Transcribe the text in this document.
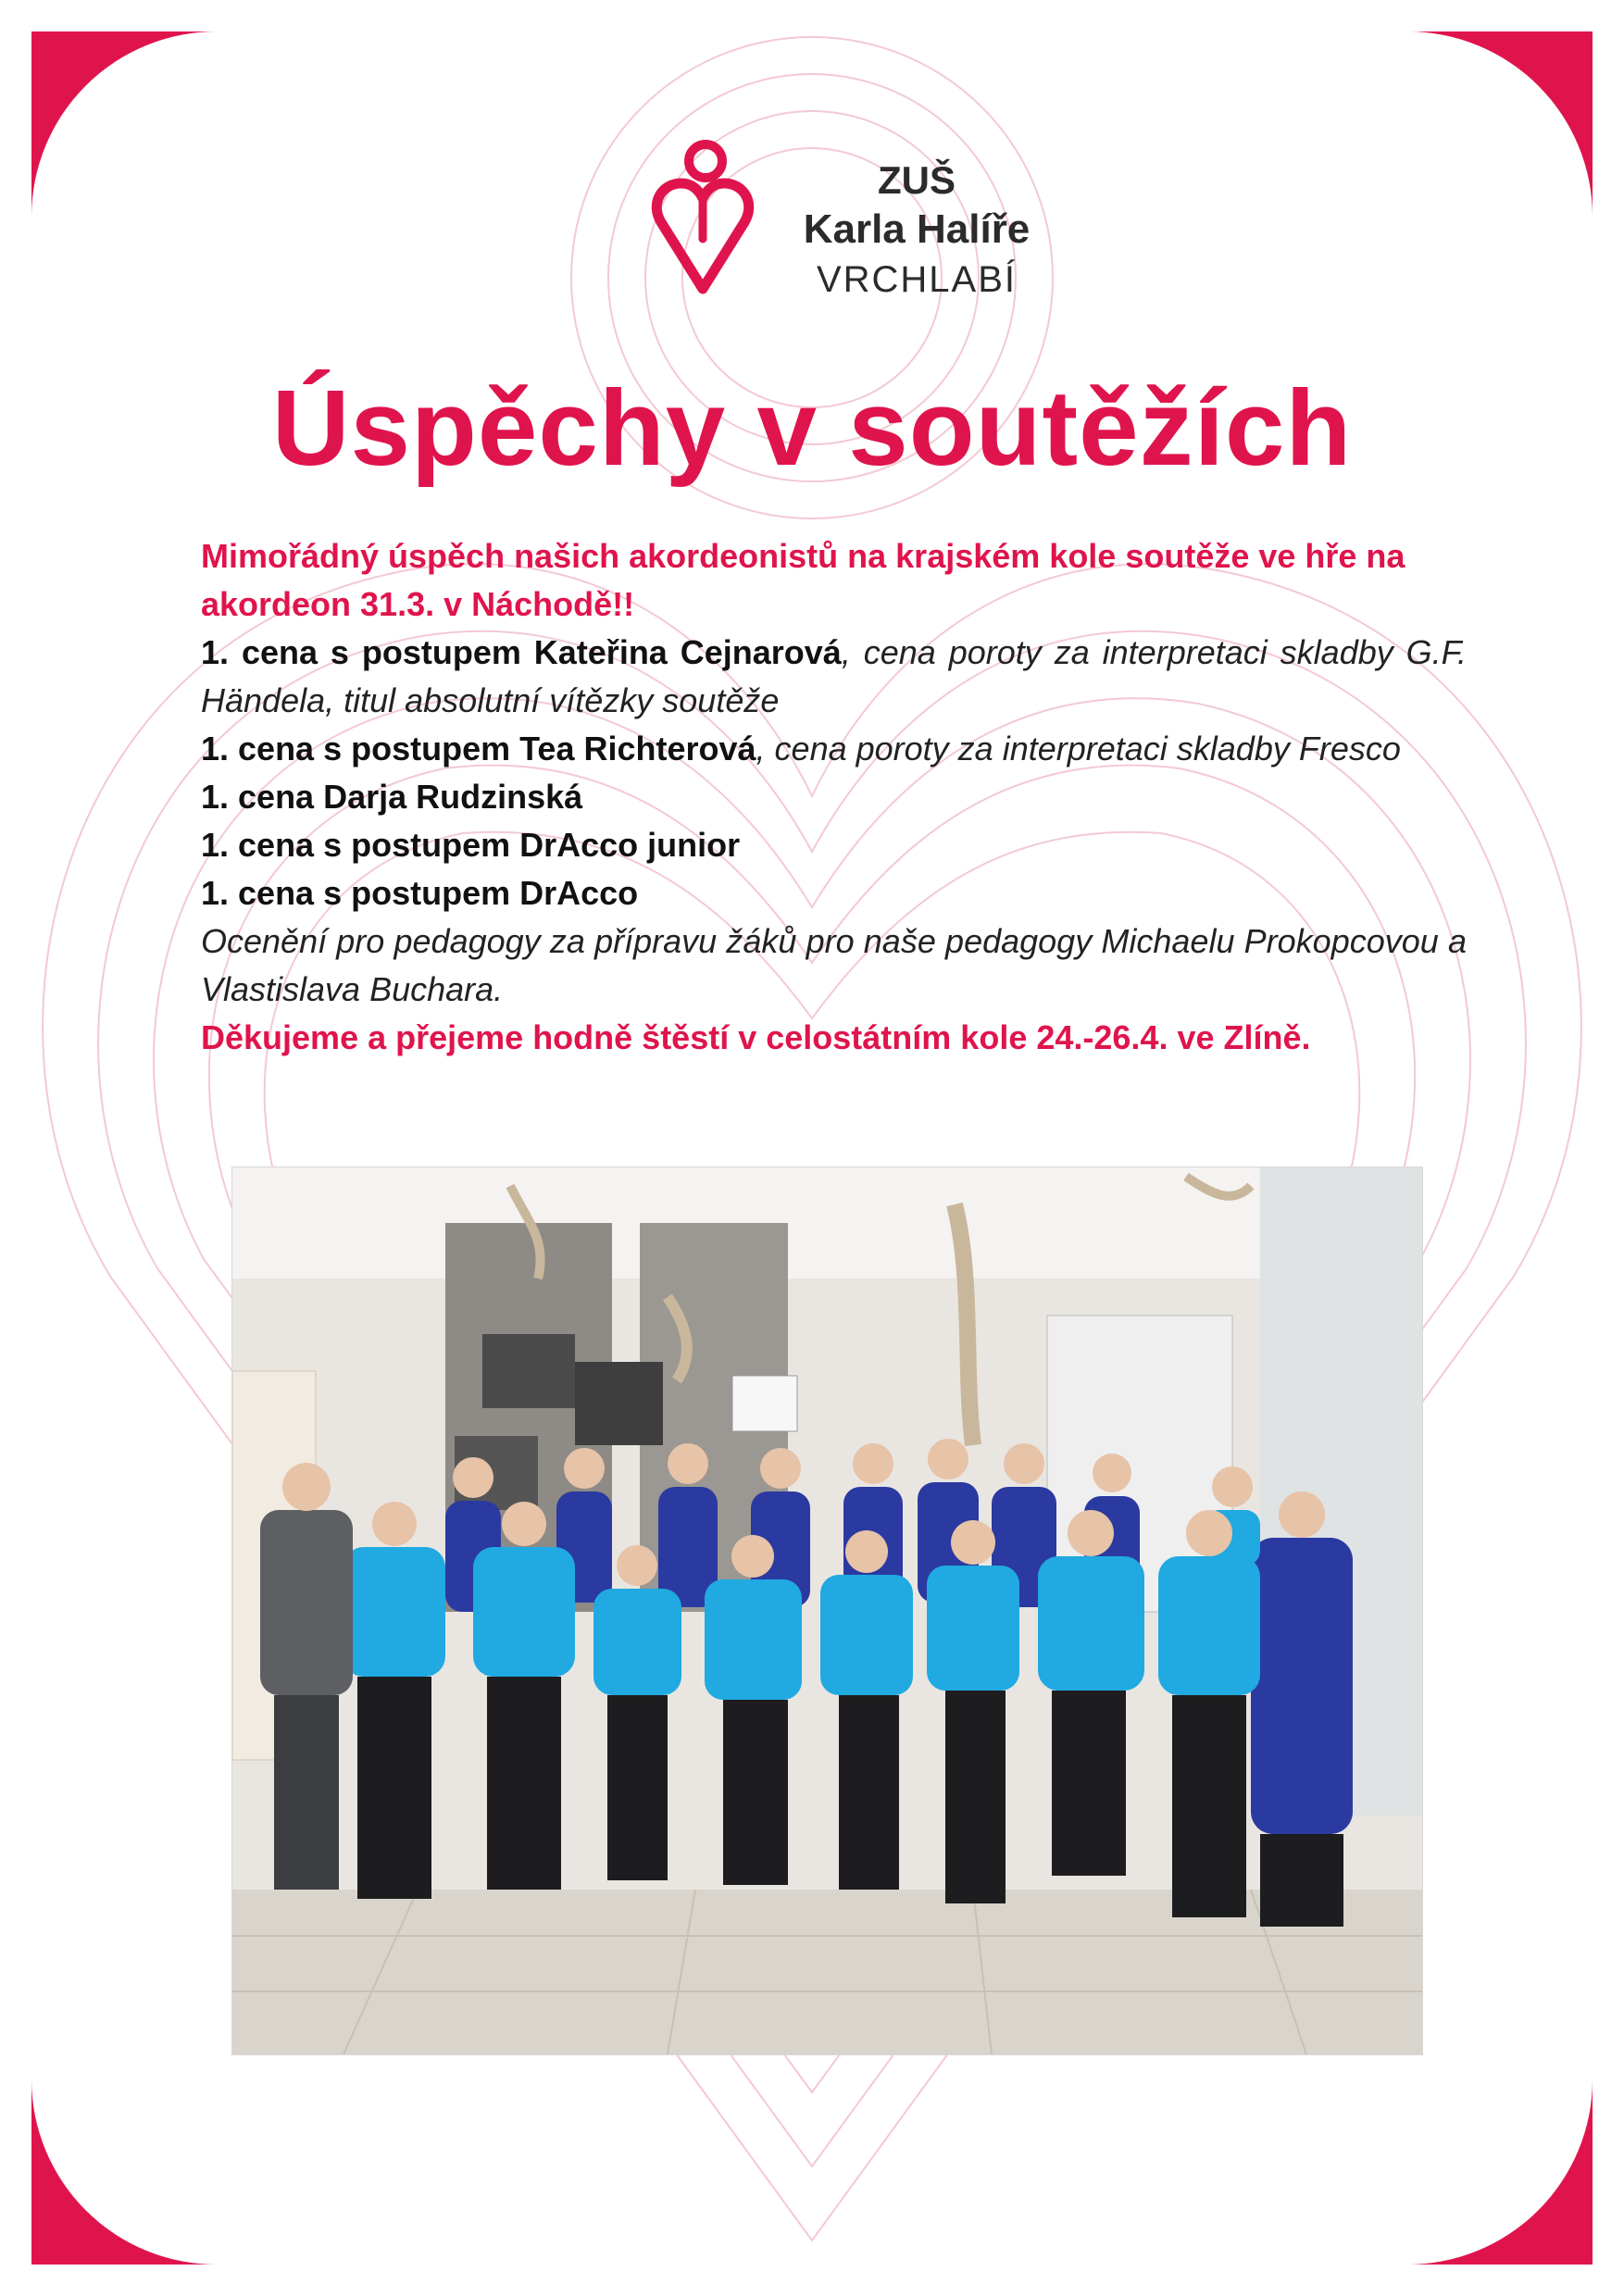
ZUŠ
Karla Halíře
VRCHLABÍ
Úspěchy v soutěžích

Mimořádný úspěch našich akordeonistů na krajském kole soutěže ve hře na akordeon 31.3. v Náchodě!!

1. cena s postupem Kateřina Cejnarová, cena poroty za interpretaci skladby G.F. Händela, titul absolutní vítězky soutěže

1. cena s postupem Tea Richterová, cena poroty za interpretaci skladby Fresco

1. cena Darja Rudzinská

1. cena s postupem DrAcco junior

1. cena s postupem DrAcco

Ocenění pro pedagogy za přípravu žáků pro naše pedagogy Michaelu Prokopcovou a Vlastislava Buchara.

Děkujeme a přejeme hodně štěstí v celostátním kole 24.-26.4. ve Zlíně.
